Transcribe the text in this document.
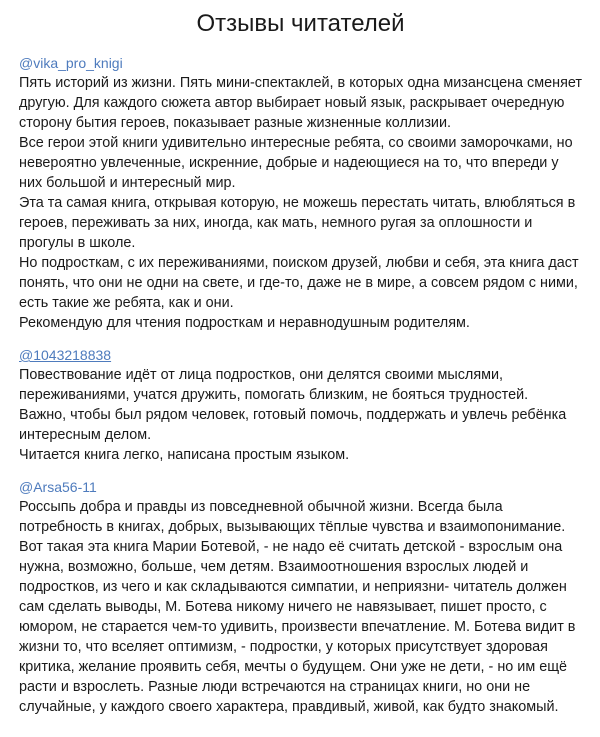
Отзывы читателей
@vika_pro_knigi

Пять историй из жизни. Пять мини-спектаклей, в которых одна мизансцена сменяет другую. Для каждого сюжета автор выбирает новый язык, раскрывает очередную сторону бытия героев, показывает разные жизненные коллизии.

Все герои этой книги удивительно интересные ребята, со своими заморочками, но невероятно увлеченные, искренние, добрые и надеющиеся на то, что впереди у них большой и интересный мир.

Эта та самая книга, открывая которую, не можешь перестать читать, влюбляться в героев, переживать за них, иногда, как мать, немного ругая за оплошности и прогулы в школе.

Но подросткам, с их переживаниями, поиском друзей, любви и себя, эта книга даст понять, что они не одни на свете, и где-то, даже не в мире, а совсем рядом с ними, есть такие же ребята, как и они.

Рекомендую для чтения подросткам и неравнодушным родителям.

@1043218838

Повествование идёт от лица подростков, они делятся своими мыслями, переживаниями, учатся дружить, помогать близким, не бояться трудностей.

Важно, чтобы был рядом человек, готовый помочь, поддержать и увлечь ребёнка интересным делом.

Читается книга легко, написана простым языком.

@Arsa56-11

Россыпь добра и правды из повседневной обычной жизни. Всегда была потребность в книгах, добрых, вызывающих тёплые чувства и взаимопонимание. Вот такая эта книга Марии Ботевой, - не надо её считать детской - взрослым она нужна, возможно, больше, чем детям. Взаимоотношения взрослых людей и подростков, из чего и как складываются симпатии, и неприязни- читатель должен сам сделать выводы, М. Ботева никому ничего не навязывает, пишет просто, с юмором, не старается чем-то удивить, произвести впечатление. М. Ботева видит в жизни то, что вселяет оптимизм, - подростки, у которых присутствует здоровая критика, желание проявить себя, мечты о будущем. Они уже не дети, - но им ещё расти и взрослеть. Разные люди встречаются на страницах книги, но они не случайные, у каждого своего характера, правдивый, живой, как будто знакомый.
